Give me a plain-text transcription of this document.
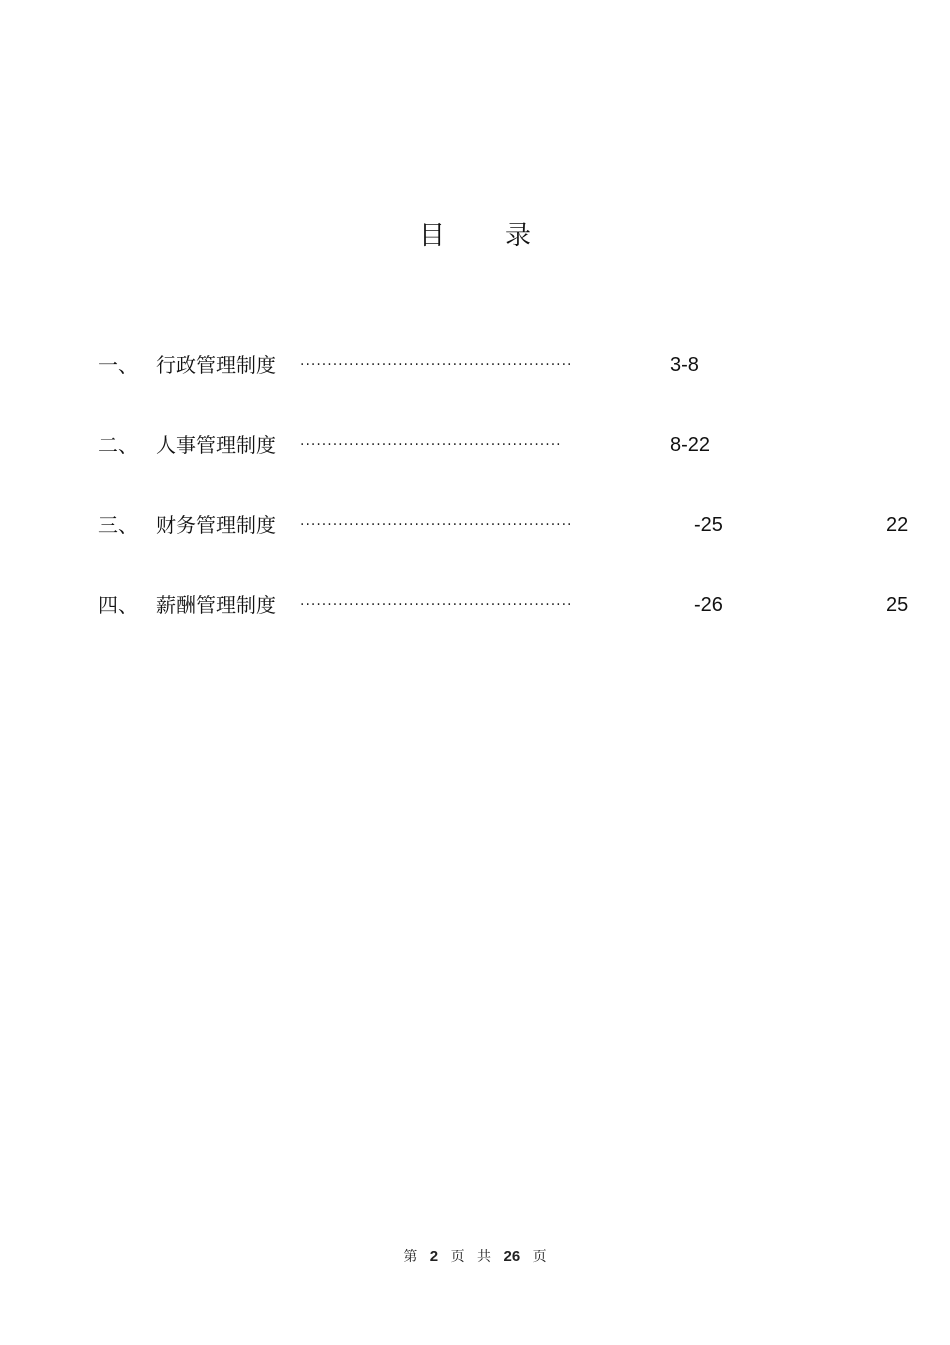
目 录
一、 行政管理制度 ··················································	3-8
二、 人事管理制度 ················································	8-22
三、 财务管理制度 ··················································	-25	22
四、 薪酬管理制度 ··················································	-26	25
第 2 页 共 26 页
